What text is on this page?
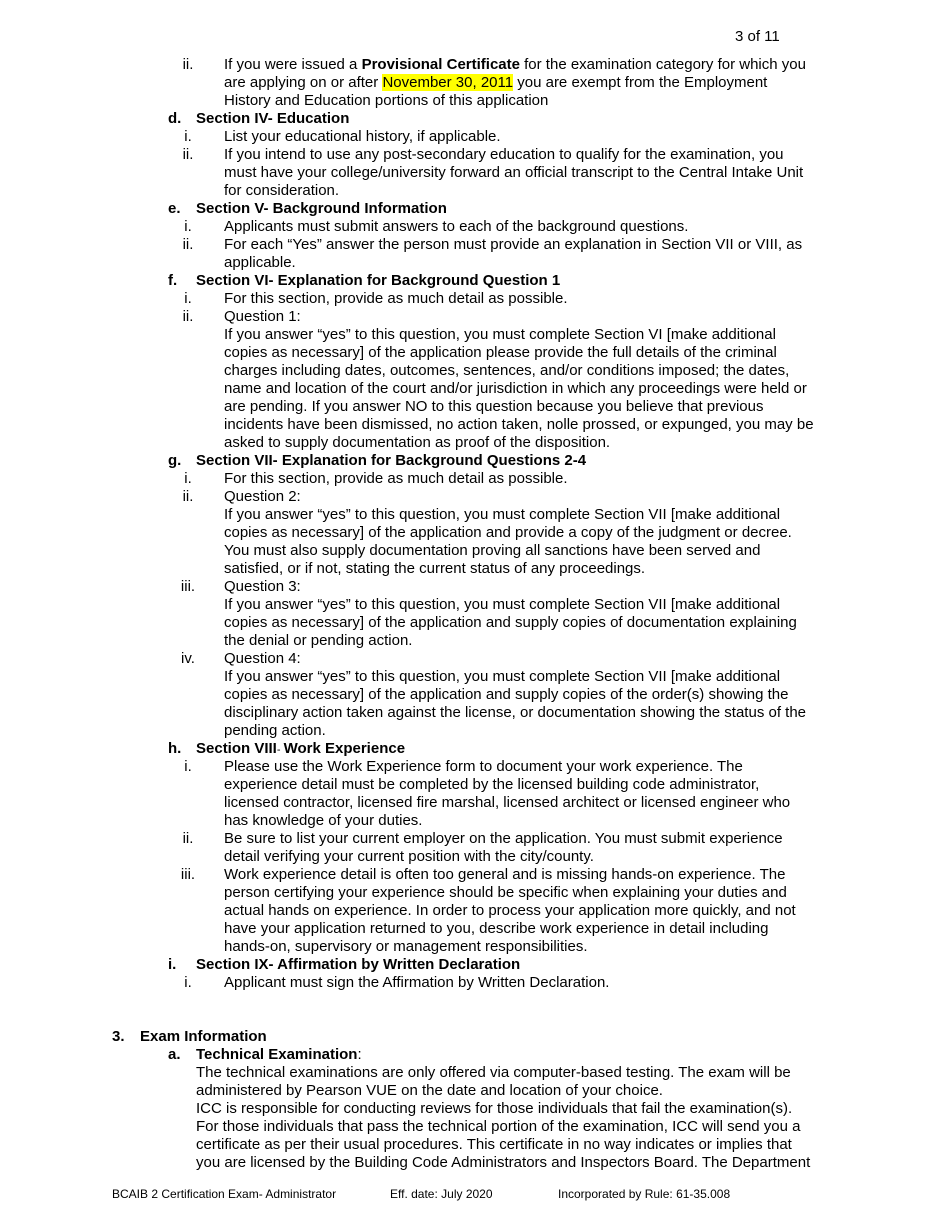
3 of 11
ii.	If you were issued a Provisional Certificate for the examination category for which you
are applying on or after November 30, 2011 you are exempt from the Employment
History and Education portions of this application
d. Section IV- Education
i.	List your educational history, if applicable.
ii.	If you intend to use any post-secondary education to qualify for the examination, you
must have your college/university forward an official transcript to the Central Intake Unit
for consideration.
e. Section V- Background Information
i.	Applicants must submit answers to each of the background questions.
ii.	For each “Yes” answer the person must provide an explanation in Section VII or VIII, as
applicable.
f. Section VI- Explanation for Background Question 1
i.	For this section, provide as much detail as possible.
ii.	Question 1:
If you answer “yes” to this question, you must complete Section VI [make additional
copies as necessary] of the application please provide the full details of the criminal
charges including dates, outcomes, sentences, and/or conditions imposed; the dates,
name and location of the court and/or jurisdiction in which any proceedings were held or
are pending. If you answer NO to this question because you believe that previous
incidents have been dismissed, no action taken, nolle prossed, or expunged, you may be
asked to supply documentation as proof of the disposition.
g. Section VII- Explanation for Background Questions 2-4
i.	For this section, provide as much detail as possible.
ii.	Question 2:
If you answer “yes” to this question, you must complete Section VII [make additional
copies as necessary] of the application and provide a copy of the judgment or decree.
You must also supply documentation proving all sanctions have been served and
satisfied, or if not, stating the current status of any proceedings.
iii.	Question 3:
If you answer “yes” to this question, you must complete Section VII [make additional
copies as necessary] of the application and supply copies of documentation explaining
the denial or pending action.
iv.	Question 4:
If you answer “yes” to this question, you must complete Section VII [make additional
copies as necessary] of the application and supply copies of the order(s) showing the
disciplinary action taken against the license, or documentation showing the status of the
pending action.
h. Section VIII- Work Experience
i.	Please use the Work Experience form to document your work experience. The
experience detail must be completed by the licensed building code administrator,
licensed contractor, licensed fire marshal, licensed architect or licensed engineer who
has knowledge of your duties.
ii.	Be sure to list your current employer on the application. You must submit experience
detail verifying your current position with the city/county.
iii.	Work experience detail is often too general and is missing hands-on experience. The
person certifying your experience should be specific when explaining your duties and
actual hands on experience. In order to process your application more quickly, and not
have your application returned to you, describe work experience in detail including
hands-on, supervisory or management responsibilities.
i. Section IX- Affirmation by Written Declaration
i.	Applicant must sign the Affirmation by Written Declaration.
3. Exam Information
a. Technical Examination:
The technical examinations are only offered via computer-based testing. The exam will be
administered by Pearson VUE on the date and location of your choice.
ICC is responsible for conducting reviews for those individuals that fail the examination(s).
For those individuals that pass the technical portion of the examination, ICC will send you a
certificate as per their usual procedures. This certificate in no way indicates or implies that
you are licensed by the Building Code Administrators and Inspectors Board. The Department
BCAIB 2 Certification Exam- Administrator	Eff. date: July 2020	Incorporated by Rule: 61-35.008
